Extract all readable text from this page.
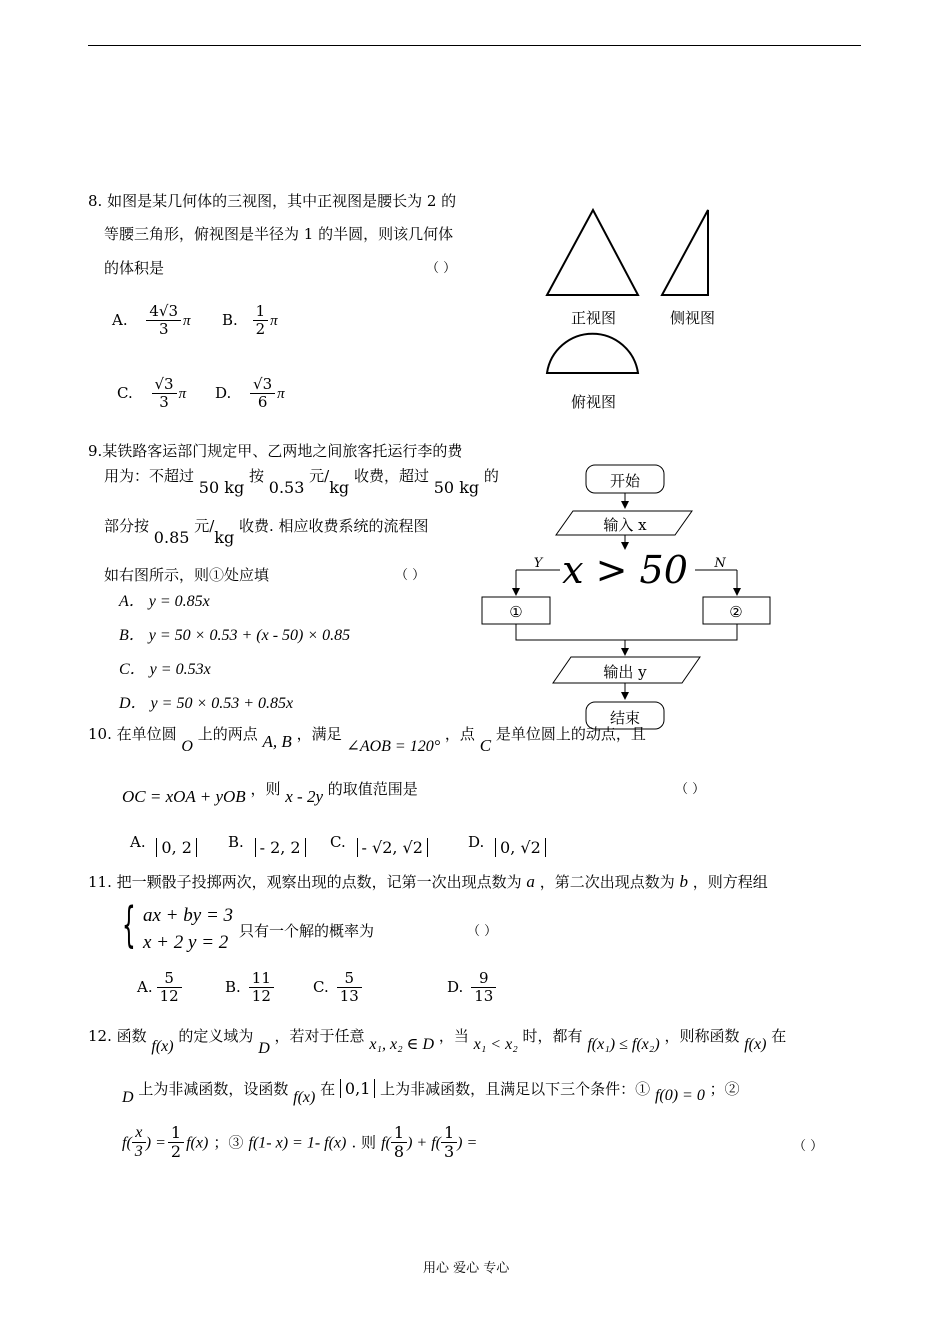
8. 如图是某几何体的三视图，其中正视图是腰长为 2 的
等腰三角形，俯视图是半径为 1 的半圆，则该几何体
的体积是	（ ）
A. $\frac{4√3}{3}$ π B. $\frac{1}{2}$ π
C. $\frac{√3}{3}$ π D. $\frac{√3}{6}$ π
正视图	侧视图
俯视图
9.某铁路客运部门规定甲、乙两地之间旅客托运行李的费
用为：不超过 50 kg 按 0.53 元/kg 收费，超过 50 kg 的
部分按 0.85 元/kg 收费. 相应收费系统的流程图
如右图所示，则①处应填	（ ）
A． y = 0.85x
B． y = 50 × 0.53 + (x - 50) × 0.85
C． y = 0.53x
D． y = 50 × 0.53 + 0.85x
开始
输入 x
x > 50
Y	N
①	②
输出 y
结束
10. 在单位圆 O 上的两点 A, B ，满足 ∠AOB = 120° ，点 C 是单位圆上的动点，且
OC = xOA + yOB ，则 x - 2y 的取值范围是	（ ）
A. 0, 2	B. - 2, 2	C. - √2, √2	D. 0, √2
11. 把一颗骰子投掷两次，观察出现的点数，记第一次出现点数为 a ，第二次出现点数为 b ，则方程组
{ ax + by = 3
x + 2 y = 2
只有一个解的概率为	（ ）
A. $\frac{5}{12}$	B. $\frac{11}{12}$	C. $\frac{5}{13}$	D. $\frac{9}{13}$
12. 函数 f(x) 的定义域为 D ，若对于任意 x₁, x₂ ∈ D ，当 x₁ < x₂ 时，都有 f(x₁) ≤ f(x₂) ，则称函数 f(x) 在
D 上为非减函数，设函数 f(x) 在 0,1 上为非减函数，且满足以下三个条件：① f(0) = 0 ；②
$f( \frac{x}{3}$ ) = $\frac{1}{2} f(x)$ ；③ f(1- x) = 1- f(x) . 则 $f( \frac{1}{8}$ ) + $f( \frac{1}{3}$ ) =	（ ）
用心 爱心 专心
